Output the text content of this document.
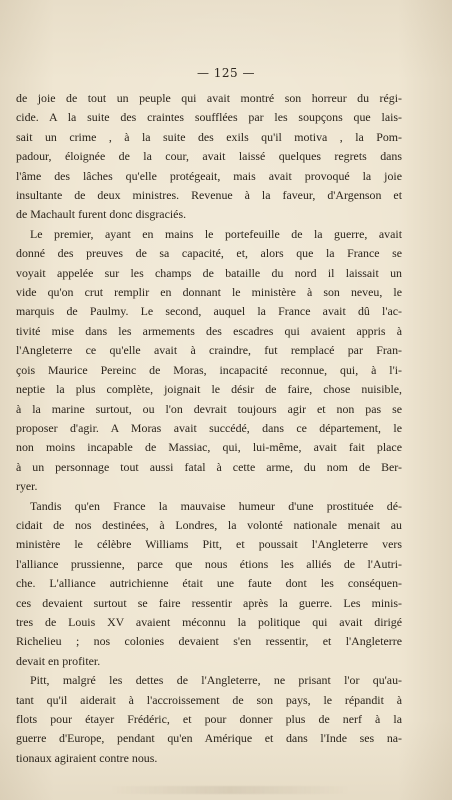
— 125 —
de joie de tout un peuple qui avait montré son horreur du régi-
cide. A la suite des craintes soufflées par les soupçons que lais-
sait un crime , à la suite des exils qu'il motiva , la Pom-
padour, éloignée de la cour, avait laissé quelques regrets dans
l'âme des lâches qu'elle protégeait, mais avait provoqué la joie
insultante de deux ministres. Revenue à la faveur, d'Argenson et
de Machault furent donc disgraciés.
Le premier, ayant en mains le portefeuille de la guerre, avait
donné des preuves de sa capacité, et, alors que la France se
voyait appelée sur les champs de bataille du nord il laissait un
vide qu'on crut remplir en donnant le ministère à son neveu, le
marquis de Paulmy. Le second, auquel la France avait dû l'ac-
tivité mise dans les armements des escadres qui avaient appris à
l'Angleterre ce qu'elle avait à craindre, fut remplacé par Fran-
çois Maurice Pereinc de Moras, incapacité reconnue, qui, à l'i-
neptie la plus complète, joignait le désir de faire, chose nuisible,
à la marine surtout, ou l'on devrait toujours agir et non pas se
proposer d'agir. A Moras avait succédé, dans ce département, le
non moins incapable de Massiac, qui, lui-même, avait fait place
à un personnage tout aussi fatal à cette arme, du nom de Ber-
ryer.
Tandis qu'en France la mauvaise humeur d'une prostituée dé-
cidait de nos destinées, à Londres, la volonté nationale menait au
ministère le célèbre Williams Pitt, et poussait l'Angleterre vers
l'alliance prussienne, parce que nous étions les alliés de l'Autri-
che. L'alliance autrichienne était une faute dont les conséquen-
ces devaient surtout se faire ressentir après la guerre. Les minis-
tres de Louis XV avaient méconnu la politique qui avait dirigé
Richelieu ; nos colonies devaient s'en ressentir, et l'Angleterre
devait en profiter.
Pitt, malgré les dettes de l'Angleterre, ne prisant l'or qu'au-
tant qu'il aiderait à l'accroissement de son pays, le répandit à
flots pour étayer Frédéric, et pour donner plus de nerf à la
guerre d'Europe, pendant qu'en Amérique et dans l'Inde ses na-
tionaux agiraient contre nous.
